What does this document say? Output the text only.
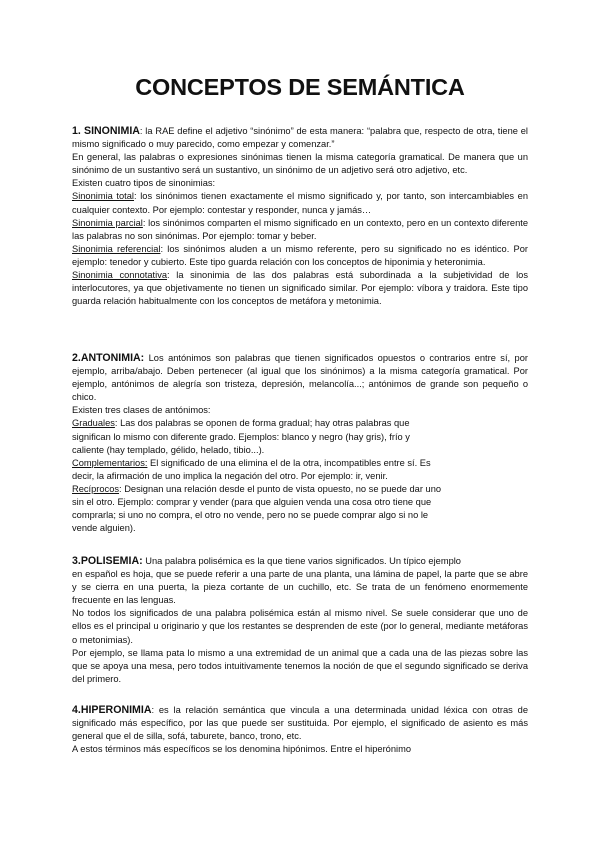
CONCEPTOS DE SEMÁNTICA

1. SINONIMIA: la RAE define el adjetivo “sinónimo” de esta manera: “palabra que, respecto de otra, tiene el mismo significado o muy parecido, como empezar y comenzar.”

En general, las palabras o expresiones sinónimas tienen la misma categoría gramatical. De manera que un sinónimo de un sustantivo será un sustantivo, un sinónimo de un adjetivo será otro adjetivo, etc.

Existen cuatro tipos de sinonimias:

Sinonimia total: los sinónimos tienen exactamente el mismo significado y, por tanto, son intercambiables en cualquier contexto. Por ejemplo: contestar y responder, nunca y jamás…

Sinonimia parcial: los sinónimos comparten el mismo significado en un contexto, pero en un contexto diferente las palabras no son sinónimas. Por ejemplo: tomar y beber.

Sinonimia referencial: los sinónimos aluden a un mismo referente, pero su significado no es idéntico. Por ejemplo: tenedor y cubierto. Este tipo guarda relación con los conceptos de hiponimia y heteronimia.

Sinonimia connotativa: la sinonimia de las dos palabras está subordinada a la subjetividad de los interlocutores, ya que objetivamente no tienen un significado similar. Por ejemplo: víbora y traidora. Este tipo guarda relación habitualmente con los conceptos de metáfora y metonimia.

2.ANTONIMIA: Los antónimos son palabras que tienen significados opuestos o contrarios entre sí, por ejemplo, arriba/abajo. Deben pertenecer (al igual que los sinónimos) a la misma categoría gramatical. Por ejemplo, antónimos de alegría son tristeza, depresión, melancolía...; antónimos de grande son pequeño o chico.

Existen tres clases de antónimos:

Graduales: Las dos palabras se oponen de forma gradual; hay otras palabras que
significan lo mismo con diferente grado. Ejemplos: blanco y negro (hay gris), frío y
caliente (hay templado, gélido, helado, tibio...).

Complementarios: El significado de una elimina el de la otra, incompatibles entre sí. Es
decir, la afirmación de uno implica la negación del otro. Por ejemplo: ir, venir.

Recíprocos: Designan una relación desde el punto de vista opuesto, no se puede dar uno
sin el otro. Ejemplo: comprar y vender (para que alguien venda una cosa otro tiene que
comprarla; si uno no compra, el otro no vende, pero no se puede comprar algo si no le
vende alguien).

3.POLISEMIA: Una palabra polisémica es la que tiene varios significados. Un típico ejemplo

en español es hoja, que se puede referir a una parte de una planta, una lámina de papel, la parte que se abre y se cierra en una puerta, la pieza cortante de un cuchillo, etc. Se trata de un fenómeno enormemente frecuente en las lenguas.

No todos los significados de una palabra polisémica están al mismo nivel. Se suele considerar que uno de ellos es el principal u originario y que los restantes se desprenden de este (por lo general, mediante metáforas o metonimias).

Por ejemplo, se llama pata lo mismo a una extremidad de un animal que a cada una de las piezas sobre las que se apoya una mesa, pero todos intuitivamente tenemos la noción de que el segundo significado se deriva del primero.

4.HIPERONIMIA: es la relación semántica que vincula a una determinada unidad léxica con otras de significado más específico, por las que puede ser sustituida. Por ejemplo, el significado de asiento es más general que el de silla, sofá, taburete, banco, trono, etc.

A estos términos más específicos se los denomina hipónimos. Entre el hiperónimo
